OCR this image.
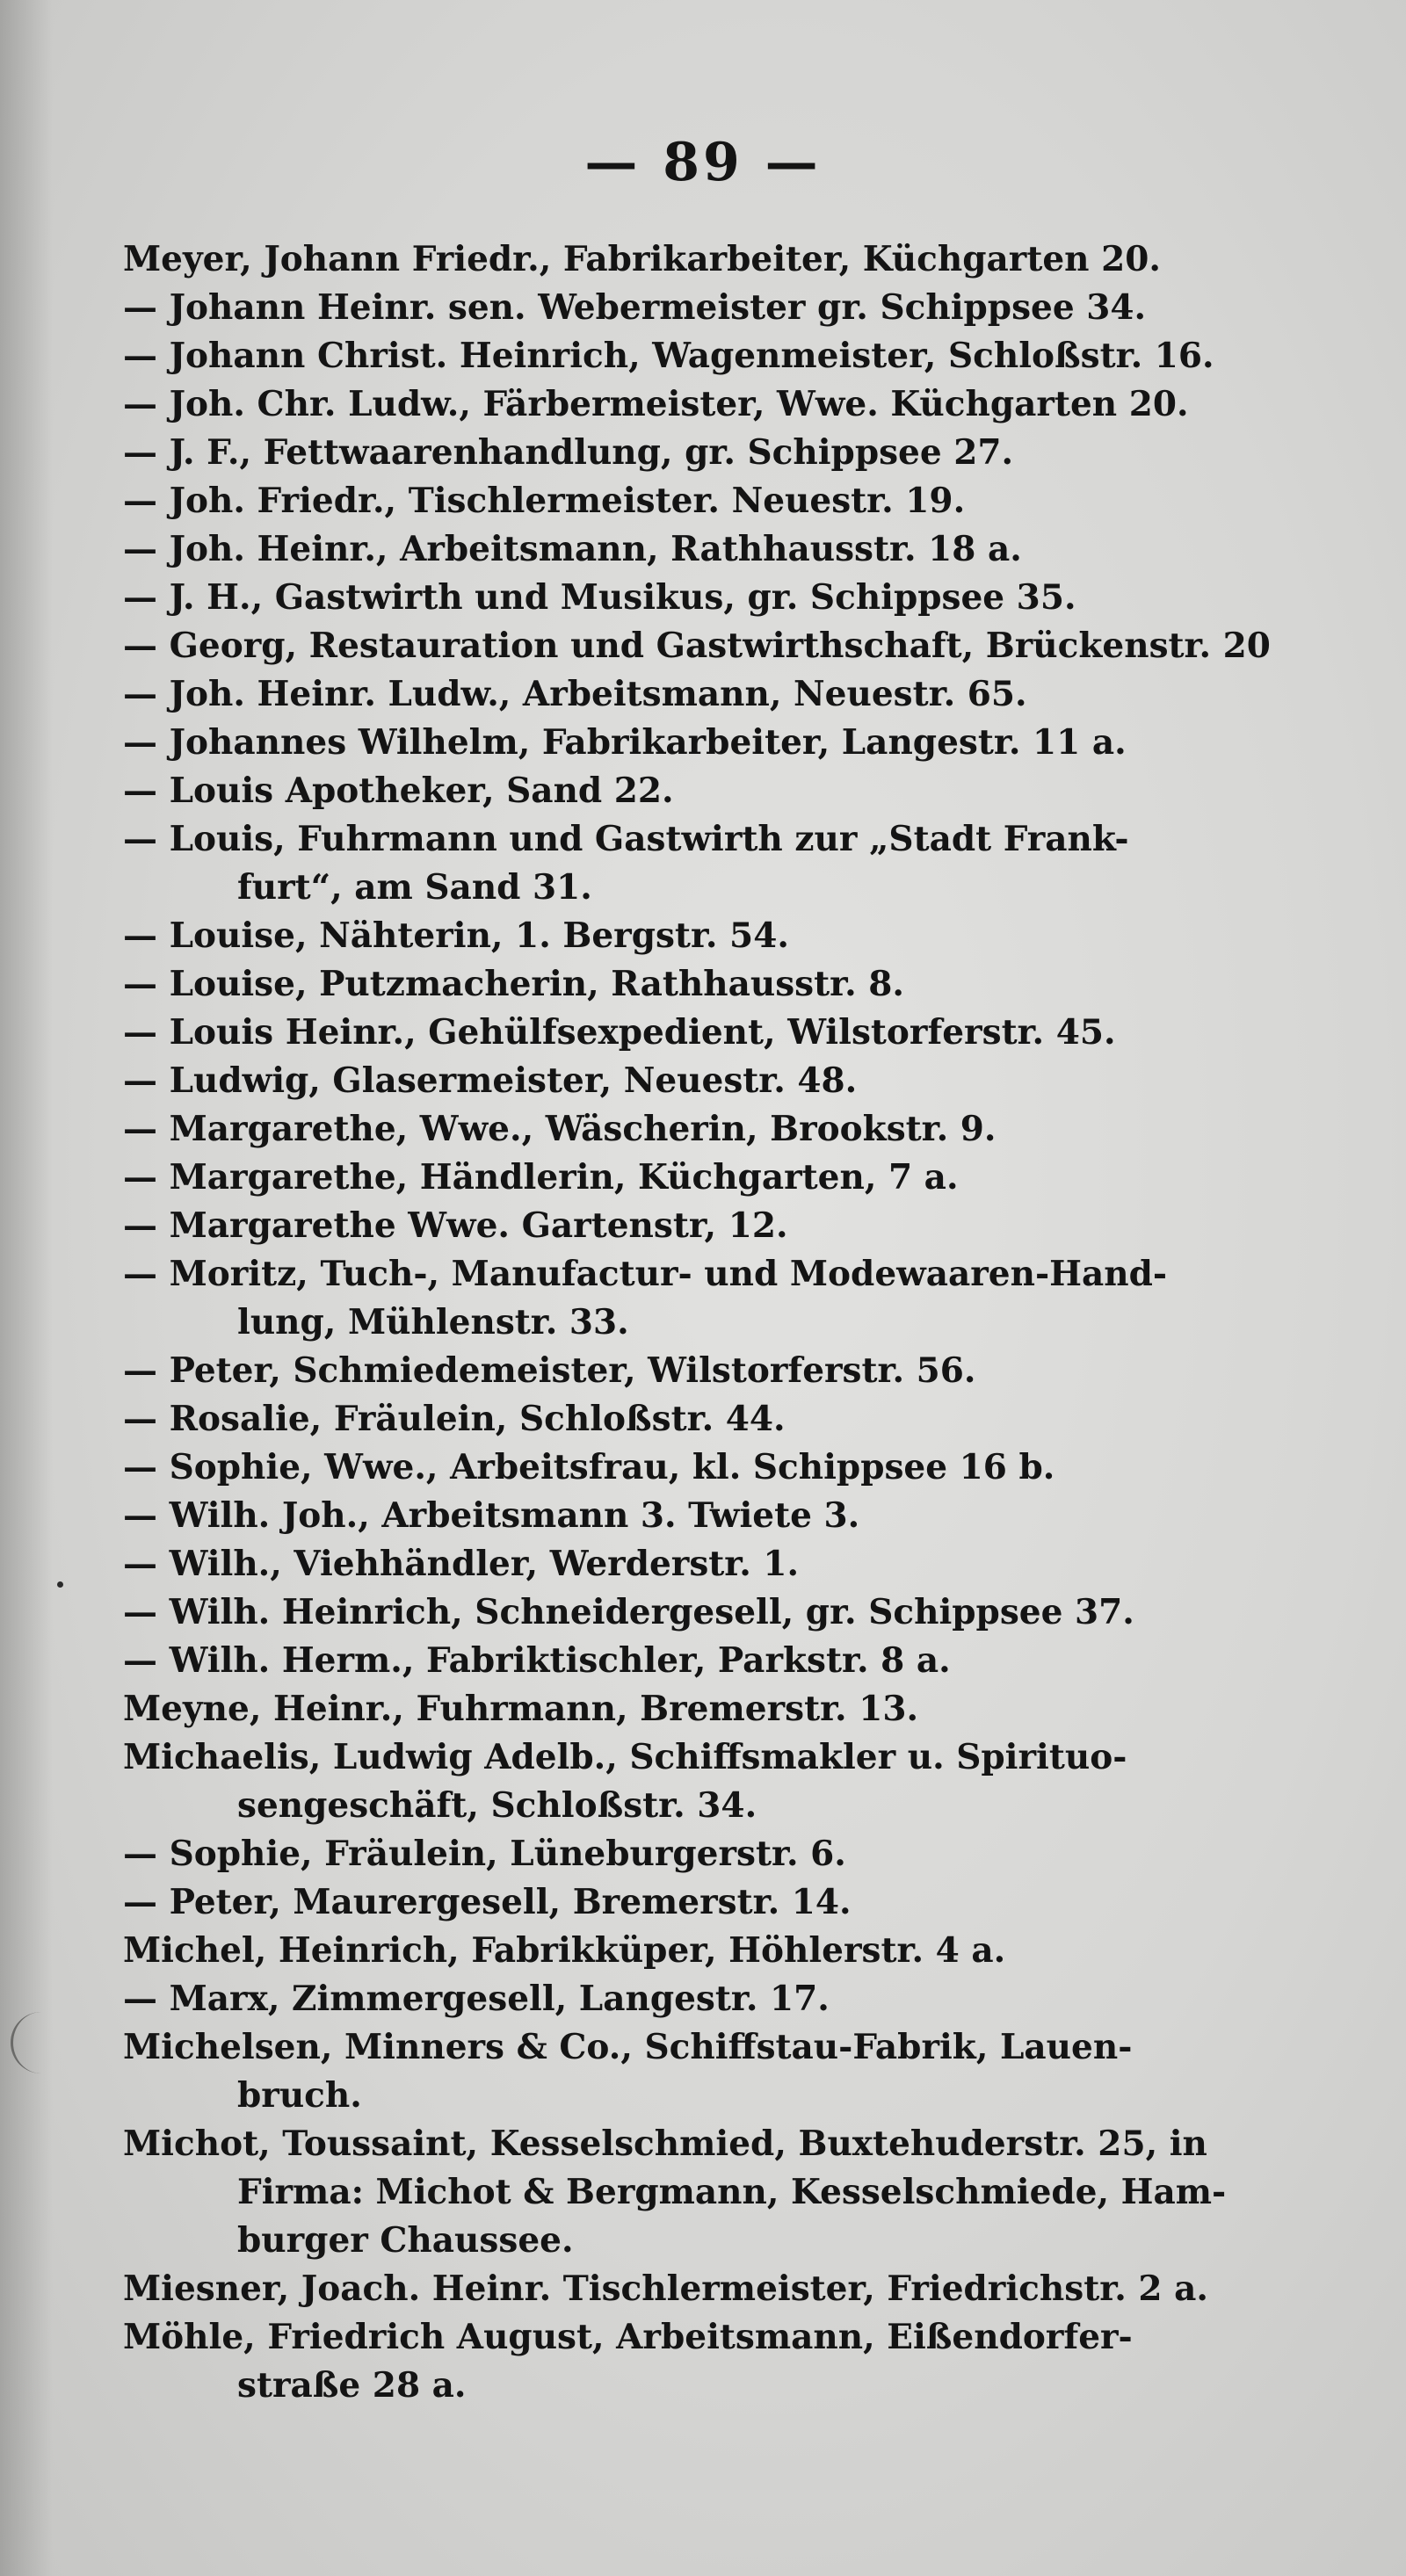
— 89 —
Meyer, Johann Friedr., Fabrikarbeiter, Küchgarten 20.
— Johann Heinr. sen. Webermeister gr. Schippsee 34.
— Johann Christ. Heinrich, Wagenmeister, Schloßstr. 16.
— Joh. Chr. Ludw., Färbermeister, Wwe. Küchgarten 20.
— J. F., Fettwaarenhandlung, gr. Schippsee 27.
— Joh. Friedr., Tischlermeister. Neuestr. 19.
— Joh. Heinr., Arbeitsmann, Rathhausstr. 18 a.
— J. H., Gastwirth und Musikus, gr. Schippsee 35.
— Georg, Restauration und Gastwirthschaft, Brückenstr. 20
— Joh. Heinr. Ludw., Arbeitsmann, Neuestr. 65.
— Johannes Wilhelm, Fabrikarbeiter, Langestr. 11 a.
— Louis Apotheker, Sand 22.
— Louis, Fuhrmann und Gastwirth zur „Stadt Frank-
furt“, am Sand 31.
— Louise, Nähterin, 1. Bergstr. 54.
— Louise, Putzmacherin, Rathhausstr. 8.
— Louis Heinr., Gehülfsexpedient, Wilstorferstr. 45.
— Ludwig, Glasermeister, Neuestr. 48.
— Margarethe, Wwe., Wäscherin, Brookstr. 9.
— Margarethe, Händlerin, Küchgarten, 7 a.
— Margarethe Wwe. Gartenstr, 12.
— Moritz, Tuch-, Manufactur- und Modewaaren-Hand-
lung, Mühlenstr. 33.
— Peter, Schmiedemeister, Wilstorferstr. 56.
— Rosalie, Fräulein, Schloßstr. 44.
— Sophie, Wwe., Arbeitsfrau, kl. Schippsee 16 b.
— Wilh. Joh., Arbeitsmann 3. Twiete 3.
— Wilh., Viehhändler, Werderstr. 1.
— Wilh. Heinrich, Schneidergesell, gr. Schippsee 37.
— Wilh. Herm., Fabriktischler, Parkstr. 8 a.
Meyne, Heinr., Fuhrmann, Bremerstr. 13.
Michaelis, Ludwig Adelb., Schiffsmakler u. Spirituo-
sengeschäft, Schloßstr. 34.
— Sophie, Fräulein, Lüneburgerstr. 6.
— Peter, Maurergesell, Bremerstr. 14.
Michel, Heinrich, Fabrikküper, Höhlerstr. 4 a.
— Marx, Zimmergesell, Langestr. 17.
Michelsen, Minners & Co., Schiffstau-Fabrik, Lauen-
bruch.
Michot, Toussaint, Kesselschmied, Buxtehuderstr. 25, in
Firma: Michot & Bergmann, Kesselschmiede, Ham-
burger Chaussee.
Miesner, Joach. Heinr. Tischlermeister, Friedrichstr. 2 a.
Möhle, Friedrich August, Arbeitsmann, Eißendorfer-
straße 28 a.
